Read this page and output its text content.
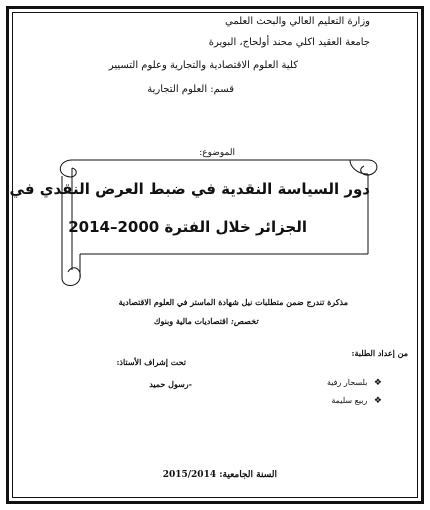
وزارة التعليم العالي والبحث العلمي
جامعة العقيد اكلي محند أولحاج، البويرة
كلية العلوم الاقتصادية والتجارية وعلوم التسيير
قسم: العلوم التجارية
الموضوع:
دور السياسة النقدية في ضبط العرض النقدي في
الجزائر خلال الفترة 2000–2014
مذكرة تندرج ضمن متطلبات نيل شهادة الماستر في العلوم الاقتصادية
تخصص: اقتصاديات مالية وبنوك
من إعداد الطلبة:
تحت إشراف الأستاذ:
❖ بلسحار رفية
❖ ربيع سليمة
-رسول حميد
السنة الجامعية: 2015/2014
